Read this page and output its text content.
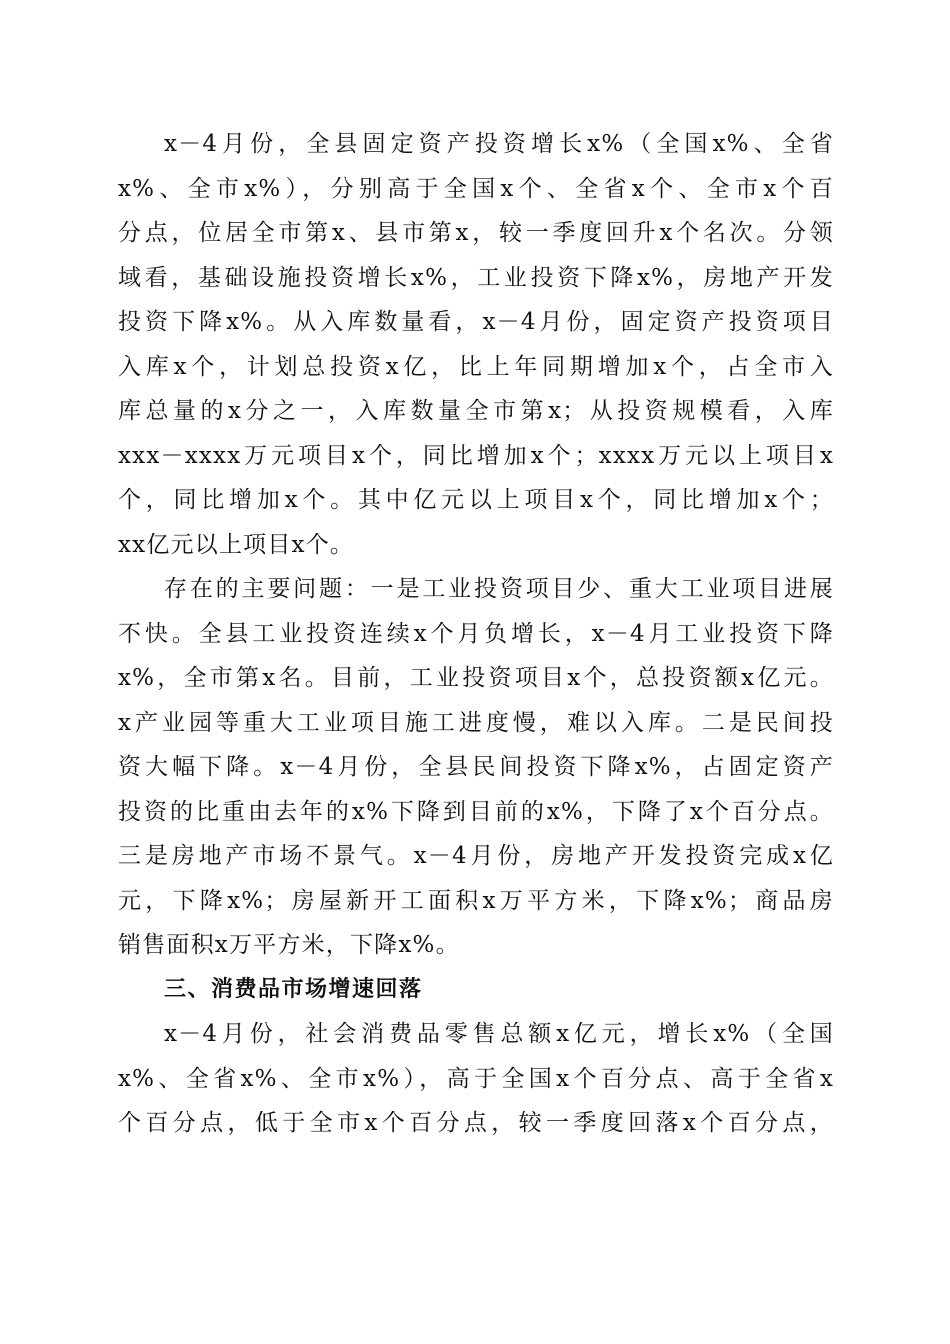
x－4月份，全县固定资产投资增长x%（全国x%、全省
x%、全市x%），分别高于全国x个、全省x个、全市x个百
分点，位居全市第x、县市第x，较一季度回升x个名次。分领
域看，基础设施投资增长x%，工业投资下降x%，房地产开发
投资下降x%。从入库数量看，x－4月份，固定资产投资项目
入库x个，计划总投资x亿，比上年同期增加x个，占全市入
库总量的x分之一，入库数量全市第x；从投资规模看，入库
xxx－xxxx万元项目x个，同比增加x个；xxxx万元以上项目x
个，同比增加x个。其中亿元以上项目x个，同比增加x个；
xx亿元以上项目x个。
存在的主要问题：一是工业投资项目少、重大工业项目进展
不快。全县工业投资连续x个月负增长，x－4月工业投资下降
x%，全市第x名。目前，工业投资项目x个，总投资额x亿元。
x产业园等重大工业项目施工进度慢，难以入库。二是民间投
资大幅下降。x－4月份，全县民间投资下降x%，占固定资产
投资的比重由去年的x%下降到目前的x%，下降了x个百分点。
三是房地产市场不景气。x－4月份，房地产开发投资完成x亿
元，下降x%；房屋新开工面积x万平方米，下降x%；商品房
销售面积x万平方米，下降x%。
三、消费品市场增速回落
x－4月份，社会消费品零售总额x亿元，增长x%（全国
x%、全省x%、全市x%），高于全国x个百分点、高于全省x
个百分点，低于全市x个百分点，较一季度回落x个百分点，
